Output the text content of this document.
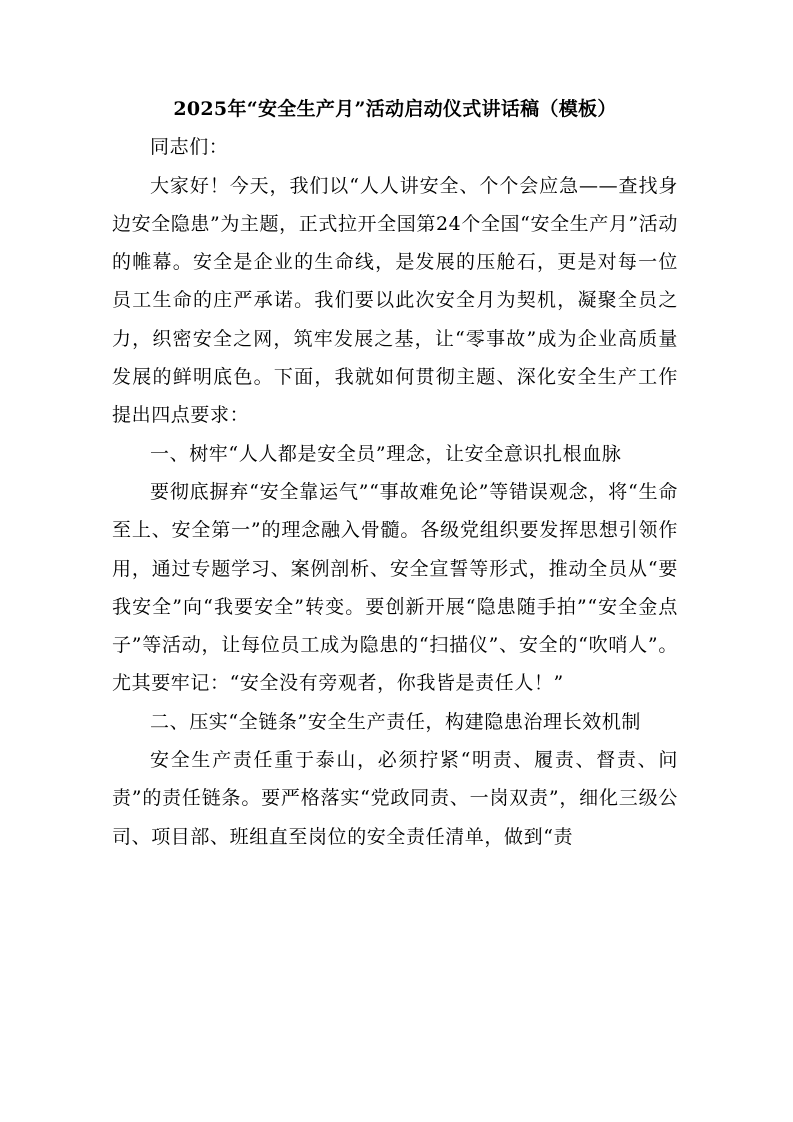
2025年“安全生产月”活动启动仪式讲话稿（模板）

同志们：

大家好！今天，我们以“人人讲安全、个个会应急——查找身边安全隐患”为主题，正式拉开全国第24个全国“安全生产月”活动的帷幕。安全是企业的生命线，是发展的压舱石，更是对每一位员工生命的庄严承诺。我们要以此次安全月为契机，凝聚全员之力，织密安全之网，筑牢发展之基，让“零事故”成为企业高质量发展的鲜明底色。下面，我就如何贯彻主题、深化安全生产工作提出四点要求：

一、树牢“人人都是安全员”理念，让安全意识扎根血脉

要彻底摒弃“安全靠运气”“事故难免论”等错误观念，将“生命至上、安全第一”的理念融入骨髓。各级党组织要发挥思想引领作用，通过专题学习、案例剖析、安全宣誓等形式，推动全员从“要我安全”向“我要安全”转变。要创新开展“隐患随手拍”“安全金点子”等活动，让每位员工成为隐患的“扫描仪”、安全的“吹哨人”。尤其要牢记：“安全没有旁观者，你我皆是责任人！”

二、压实“全链条”安全生产责任，构建隐患治理长效机制

安全生产责任重于泰山，必须拧紧“明责、履责、督责、问责”的责任链条。要严格落实“党政同责、一岗双责”，细化三级公司、项目部、班组直至岗位的安全责任清单，做到“责
